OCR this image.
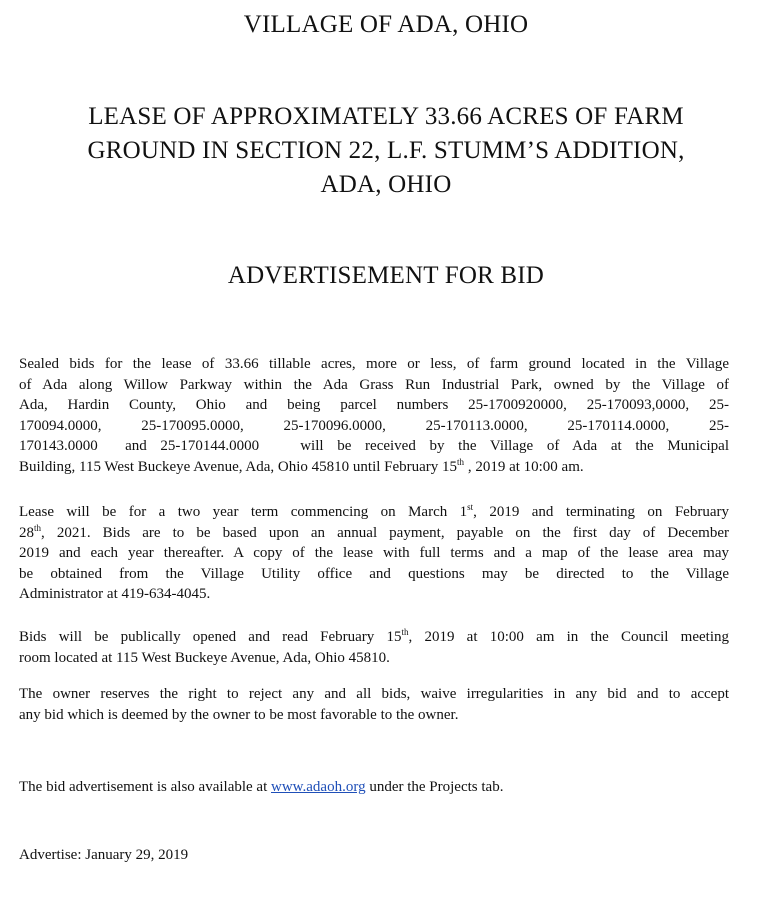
VILLAGE OF ADA, OHIO
LEASE OF APPROXIMATELY 33.66 ACRES OF FARM
GROUND IN SECTION 22, L.F. STUMM’S ADDITION,
ADA, OHIO
ADVERTISEMENT FOR BID
Sealed bids for the lease of 33.66 tillable acres, more or less, of farm ground located in the Village
of Ada along Willow Parkway within the Ada Grass Run Industrial Park, owned by the Village of
Ada, Hardin County, Ohio and being parcel numbers 25-1700920000, 25-170093,0000, 25-
170094.0000,	25-170095.0000,	25-170096.0000,	25-170113.0000,	25-170114.0000,	25-
170143.0000  and 25-170144.0000   will be received by the Village of Ada at the Municipal
Building, 115 West Buckeye Avenue, Ada, Ohio 45810 until February 15th , 2019 at 10:00 am.
Lease will be for a two year term commencing on March 1st, 2019 and terminating on February
28th, 2021. Bids are to be based upon an annual payment, payable on the first day of December
2019 and each year thereafter. A copy of the lease with full terms and a map of the lease area may
be obtained from the Village Utility office and questions may be directed to the Village
Administrator at 419-634-4045.
Bids will be publically opened and read February 15th, 2019 at 10:00 am in the Council meeting
room located at 115 West Buckeye Avenue, Ada, Ohio 45810.
The owner reserves the right to reject any and all bids, waive irregularities in any bid and to accept
any bid which is deemed by the owner to be most favorable to the owner.
The bid advertisement is also available at www.adaoh.org under the Projects tab.
Advertise: January 29, 2019
